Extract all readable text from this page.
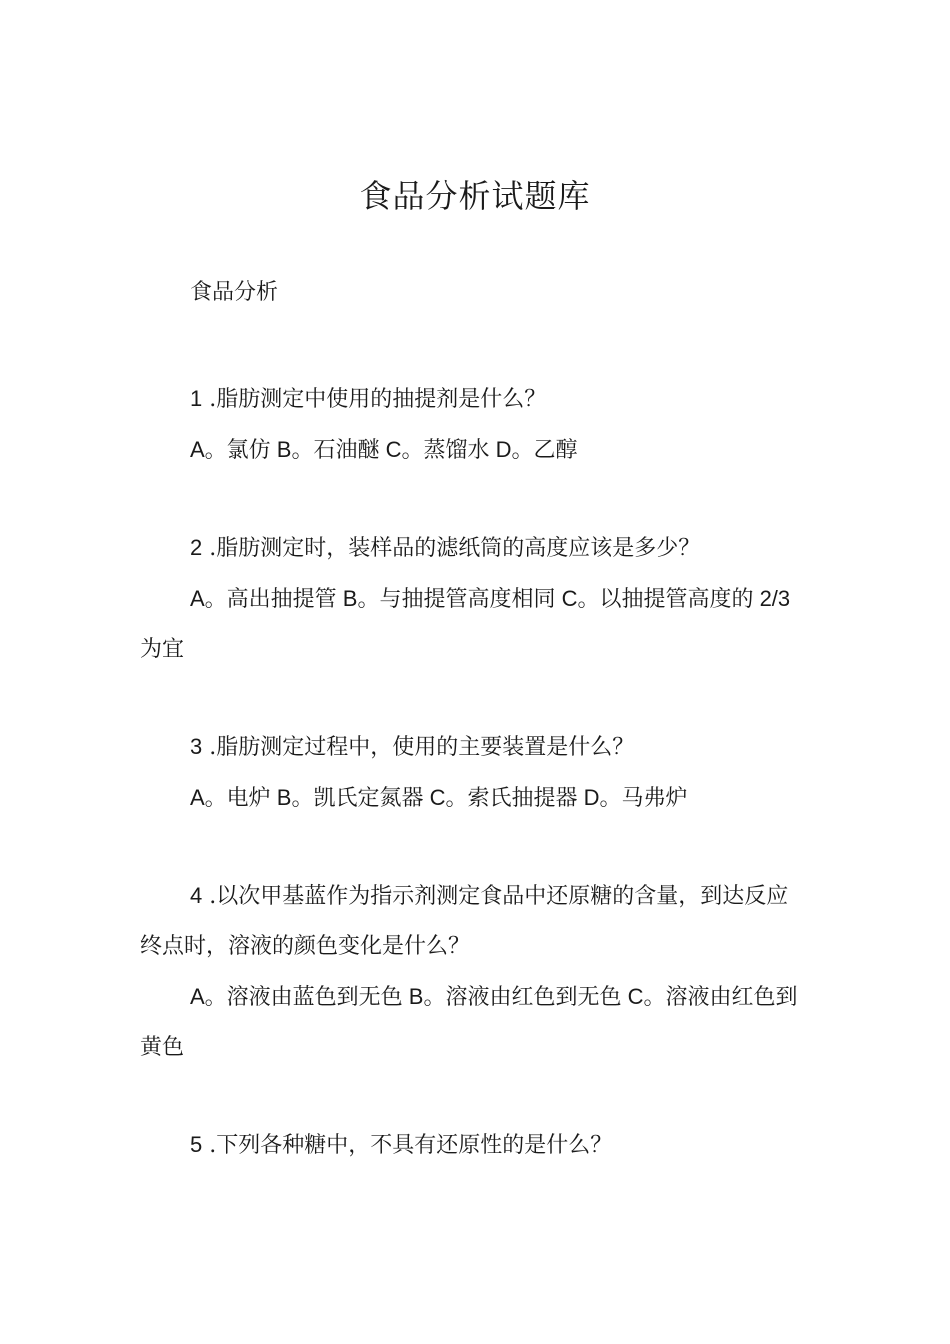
食品分析试题库
食品分析

1 .脂肪测定中使用的抽提剂是什么？

A。氯仿 B。石油醚 C。蒸馏水 D。乙醇

2 .脂肪测定时，装样品的滤纸筒的高度应该是多少？

A。高出抽提管 B。与抽提管高度相同 C。以抽提管高度的 2/3 为宜

3 .脂肪测定过程中，使用的主要装置是什么？

A。电炉 B。凯氏定氮器 C。索氏抽提器 D。马弗炉

4 .以次甲基蓝作为指示剂测定食品中还原糖的含量，到达反应终点时，溶液的颜色变化是什么？

A。溶液由蓝色到无色 B。溶液由红色到无色 C。溶液由红色到黄色

5 .下列各种糖中，不具有还原性的是什么？
